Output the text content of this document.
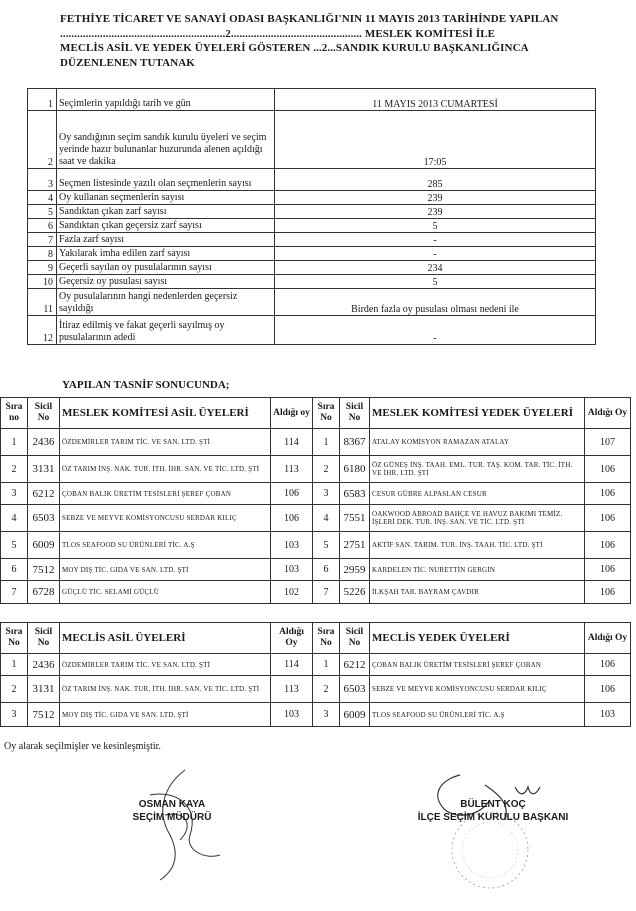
FETHİYE TİCARET VE SANAYİ ODASI BAŞKANLIĞI'NIN 11 MAYIS 2013 TARİHİNDE YAPILAN
..........................................................2.............................................. MESLEK KOMİTESİ İLE
MECLİS ASİL VE YEDEK ÜYELERİ GÖSTEREN ...2...SANDIK KURULU BAŞKANLIĞINCA
DÜZENLENEN TUTANAK
1	Seçimlerin yapıldığı tarih ve gün	11 MAYIS 2013 CUMARTESİ
2	Oy sandığının seçim sandık kurulu üyeleri ve seçim yerinde hazır bulunanlar huzurunda alenen açıldığı saat ve dakika	17:05
3	Seçmen listesinde yazılı olan seçmenlerin sayısı	285
4	Oy kullanan seçmenlerin sayısı	239
5	Sandıktan çıkan zarf sayısı	239
6	Sandıktan çıkan geçersiz zarf sayısı	5
7	Fazla zarf sayısı	-
8	Yakılarak imha edilen zarf sayısı	-
9	Geçerli sayılan oy pusulalarının sayısı	234
10	Geçersiz oy pusulası sayısı	5
11	Oy pusulalarının hangi nedenlerden geçersiz sayıldığı	Birden fazla oy pusulası olması nedeni ile
12	İtiraz edilmiş ve fakat geçerli sayılmış oy pusulalarının adedi	-
YAPILAN TASNİF SONUCUNDA;
Sıra no	Sicil No	MESLEK KOMİTESİ ASİL ÜYELERİ	Aldığı oy	Sıra No	Sicil No	MESLEK KOMİTESİ YEDEK ÜYELERİ	Aldığı Oy
1	2436	ÖZDEMİRLER TARIM TİC. VE SAN. LTD. ŞTİ	114	1	8367	ATALAY KOMİSYON RAMAZAN ATALAY	107
2	3131	ÖZ TARIM İNŞ. NAK. TUR. İTH. İHR. SAN. VE TİC. LTD. ŞTİ	113	2	6180	ÖZ GÜNEŞ İNŞ. TAAH. EML. TUR. TAŞ. KOM. TAR. TİC. İTH. VE İHR. LTD. ŞTİ	106
3	6212	ÇOBAN BALIK ÜRETİM TESİSLERİ ŞEREF ÇOBAN	106	3	6583	CESUR GÜBRE ALPASLAN CESUR	106
4	6503	SEBZE VE MEYVE KOMİSYONCUSU SERDAR KILIÇ	106	4	7551	OAKWOOD ABROAD BAHÇE VE HAVUZ BAKIMI TEMİZ. İŞLERİ DEK. TUR. İNŞ. SAN. VE TİC. LTD. ŞTİ	106
5	6009	TLOS SEAFOOD SU ÜRÜNLERİ TİC. A.Ş	103	5	2751	AKTİF SAN. TARIM. TUR. İNŞ. TAAH. TİC. LTD. ŞTİ	106
6	7512	MOY DIŞ TİC. GIDA VE SAN. LTD. ŞTİ	103	6	2959	KARDELEN TİC. NURETTİN GERGİN	106
7	6728	GÜÇLÜ TİC. SELAMİ GÜÇLÜ	102	7	5226	İLKŞAH TAR. BAYRAM ÇAVDIR	106
Sıra No	Sicil No	MECLİS ASİL ÜYELERİ	Aldığı Oy	Sıra No	Sicil No	MECLİS YEDEK ÜYELERİ	Aldığı Oy
1	2436	ÖZDEMİRLER TARIM TİC. VE SAN. LTD. ŞTİ	114	1	6212	ÇOBAN BALIK ÜRETİM TESİSLERİ ŞEREF ÇOBAN	106
2	3131	ÖZ TARIM İNŞ. NAK. TUR. İTH. İHR. SAN. VE TİC. LTD. ŞTİ	113	2	6503	SEBZE VE MEYVE KOMİSYONCUSU SERDAR KILIÇ	106
3	7512	MOY DIŞ TİC. GIDA VE SAN. LTD. ŞTİ	103	3	6009	TLOS SEAFOOD SU ÜRÜNLERİ TİC. A.Ş	103
Oy alarak seçilmişler ve kesinleşmiştir.
OSMAN KAYA
SEÇİM MÜDÜRÜ
BÜLENT KOÇ
İLÇE SEÇİM KURULU BAŞKANI
